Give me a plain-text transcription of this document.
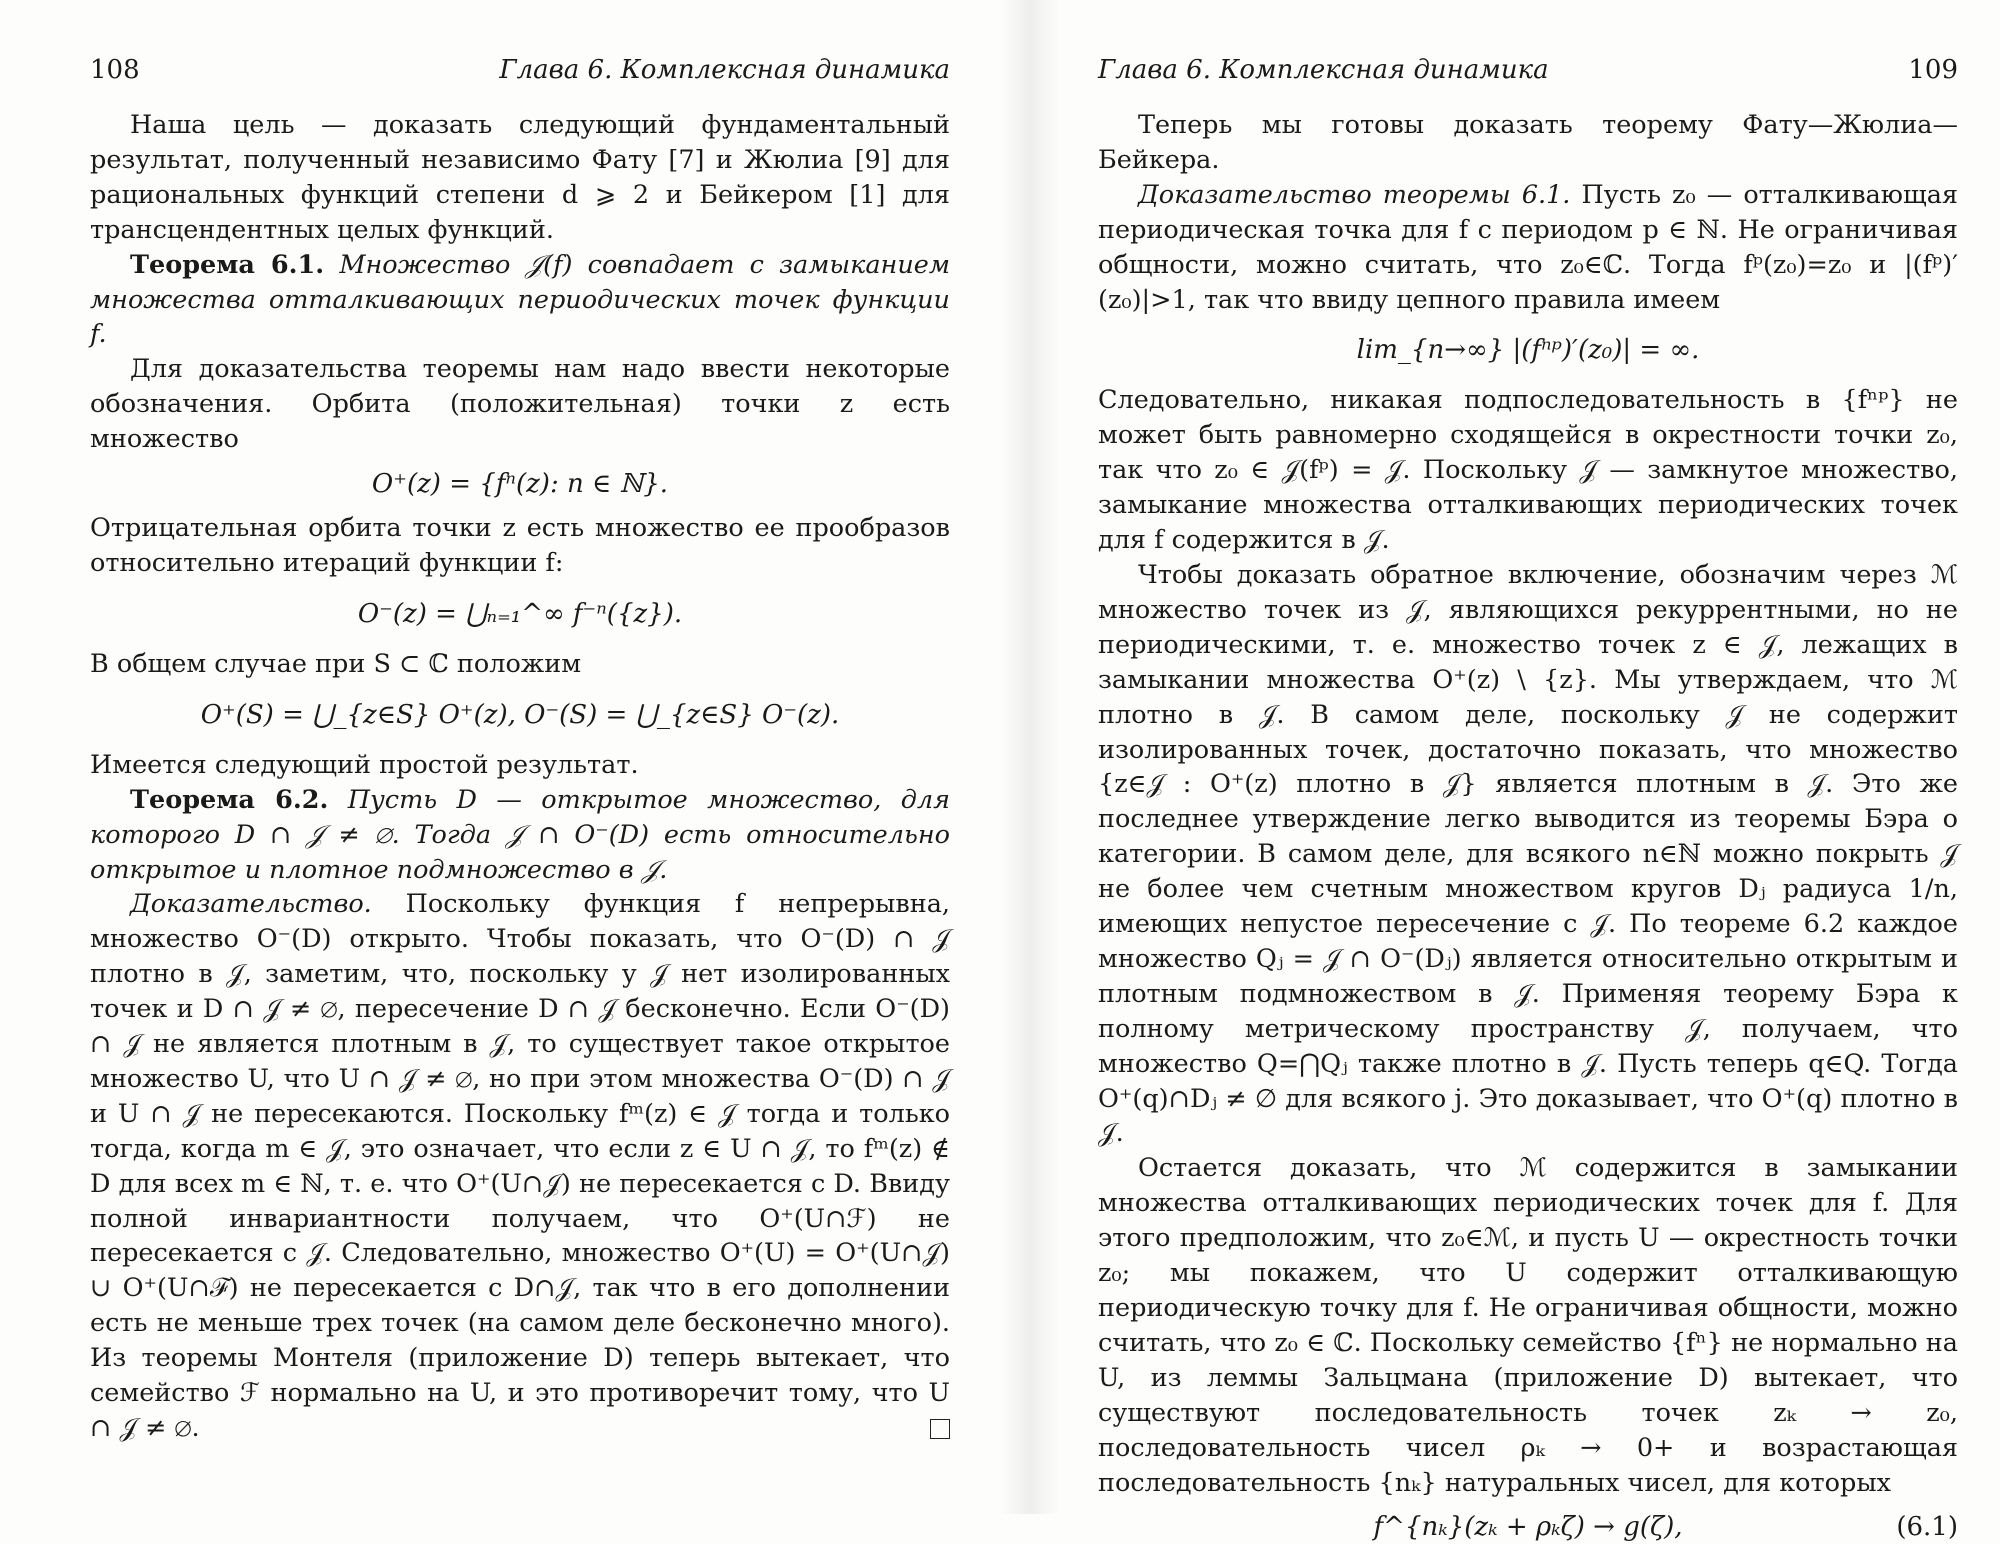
108	Глава 6. Комплексная динамика

Наша цель — доказать следующий фундаментальный результат, полученный независимо Фату [7] и Жюлиа [9] для рациональных функций степени d ⩾ 2 и Бейкером [1] для трансцендентных целых функций.

Теорема 6.1. Множество 𝒥(f) совпадает с замыканием множества отталкивающих периодических точек функции f.

Для доказательства теоремы нам надо ввести некоторые обозначения. Орбита (положительная) точки z есть множество

O⁺(z) = {fⁿ(z): n ∈ ℕ}.

Отрицательная орбита точки z есть множество ее прообразов относительно итераций функции f:

O⁻(z) = ⋃ₙ₌₁^∞ f⁻ⁿ({z}).

В общем случае при S ⊂ ℂ положим

O⁺(S) = ⋃_{z∈S} O⁺(z), O⁻(S) = ⋃_{z∈S} O⁻(z).

Имеется следующий простой результат.

Теорема 6.2. Пусть D — открытое множество, для которого D ∩ 𝒥 ≠ ∅. Тогда 𝒥 ∩ O⁻(D) есть относительно открытое и плотное подмножество в 𝒥.

Доказательство. Поскольку функция f непрерывна, множество O⁻(D) открыто. Чтобы показать, что O⁻(D) ∩ 𝒥 плотно в 𝒥, заметим, что, поскольку у 𝒥 нет изолированных точек и D ∩ 𝒥 ≠ ∅, пересечение D ∩ 𝒥 бесконечно. Если O⁻(D) ∩ 𝒥 не является плотным в 𝒥, то существует такое открытое множество U, что U ∩ 𝒥 ≠ ∅, но при этом множества O⁻(D) ∩ 𝒥 и U ∩ 𝒥 не пересекаются. Поскольку fᵐ(z) ∈ 𝒥 тогда и только тогда, когда m ∈ 𝒥, это означает, что если z ∈ U ∩ 𝒥, то fᵐ(z) ∉ D для всех m ∈ ℕ, т. е. что O⁺(U∩𝒥) не пересекается с D. Ввиду полной инвариантности получаем, что O⁺(U∩ℱ) не пересекается с 𝒥. Следовательно, множество O⁺(U) = O⁺(U∩𝒥) ∪ O⁺(U∩ℱ) не пересекается с D∩𝒥, так что в его дополнении есть не меньше трех точек (на самом деле бесконечно много). Из теоремы Монтеля (приложение D) теперь вытекает, что семейство ℱ нормально на U, и это противоречит тому, что U ∩ 𝒥 ≠ ∅.

Глава 6. Комплексная динамика	109

Теперь мы готовы доказать теорему Фату—Жюлиа—Бейкера.

Доказательство теоремы 6.1. Пусть z₀ — отталкивающая периодическая точка для f с периодом p ∈ ℕ. Не ограничивая общности, можно считать, что z₀∈ℂ. Тогда fᵖ(z₀)=z₀ и |(fᵖ)′(z₀)|>1, так что ввиду цепного правила имеем

lim_{n→∞} |(fⁿᵖ)′(z₀)| = ∞.

Следовательно, никакая подпоследовательность в {fⁿᵖ} не может быть равномерно сходящейся в окрестности точки z₀, так что z₀ ∈ 𝒥(fᵖ) = 𝒥. Поскольку 𝒥 — замкнутое множество, замыкание множества отталкивающих периодических точек для f содержится в 𝒥.

Чтобы доказать обратное включение, обозначим через ℳ множество точек из 𝒥, являющихся рекуррентными, но не периодическими, т. е. множество точек z ∈ 𝒥, лежащих в замыкании множества O⁺(z) \ {z}. Мы утверждаем, что ℳ плотно в 𝒥. В самом деле, поскольку 𝒥 не содержит изолированных точек, достаточно показать, что множество {z∈𝒥 : O⁺(z) плотно в 𝒥} является плотным в 𝒥. Это же последнее утверждение легко выводится из теоремы Бэра о категории. В самом деле, для всякого n∈ℕ можно покрыть 𝒥 не более чем счетным множеством кругов Dⱼ радиуса 1/n, имеющих непустое пересечение с 𝒥. По теореме 6.2 каждое множество Qⱼ = 𝒥 ∩ O⁻(Dⱼ) является относительно открытым и плотным подмножеством в 𝒥. Применяя теорему Бэра к полному метрическому пространству 𝒥, получаем, что множество Q=⋂Qⱼ также плотно в 𝒥. Пусть теперь q∈Q. Тогда O⁺(q)∩Dⱼ ≠ ∅ для всякого j. Это доказывает, что O⁺(q) плотно в 𝒥.

Остается доказать, что ℳ содержится в замыкании множества отталкивающих периодических точек для f. Для этого предположим, что z₀∈ℳ, и пусть U — окрестность точки z₀; мы покажем, что U содержит отталкивающую периодическую точку для f. Не ограничивая общности, можно считать, что z₀ ∈ ℂ. Поскольку семейство {fⁿ} не нормально на U, из леммы Зальцмана (приложение D) вытекает, что существуют последовательность точек zₖ → z₀, последовательность чисел ρₖ → 0+ и возрастающая последовательность {nₖ} натуральных чисел, для которых

f^{nₖ}(zₖ + ρₖζ) → g(ζ),	(6.1)
